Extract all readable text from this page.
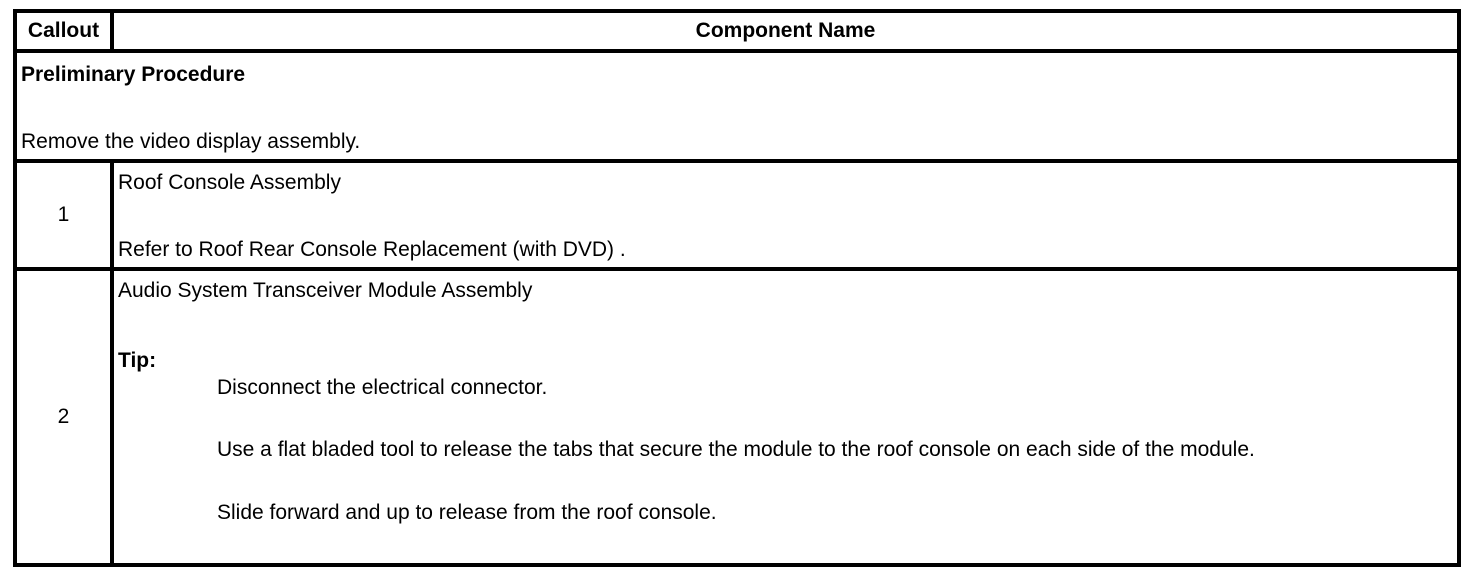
Callout	Component Name
Preliminary Procedure
Remove the video display assembly.
1
Roof Console Assembly
Refer to Roof Rear Console Replacement (with DVD) .
2
Audio System Transceiver Module Assembly
Tip:
Disconnect the electrical connector.
Use a flat bladed tool to release the tabs that secure the module to the roof console on each side of the module.
Slide forward and up to release from the roof console.
